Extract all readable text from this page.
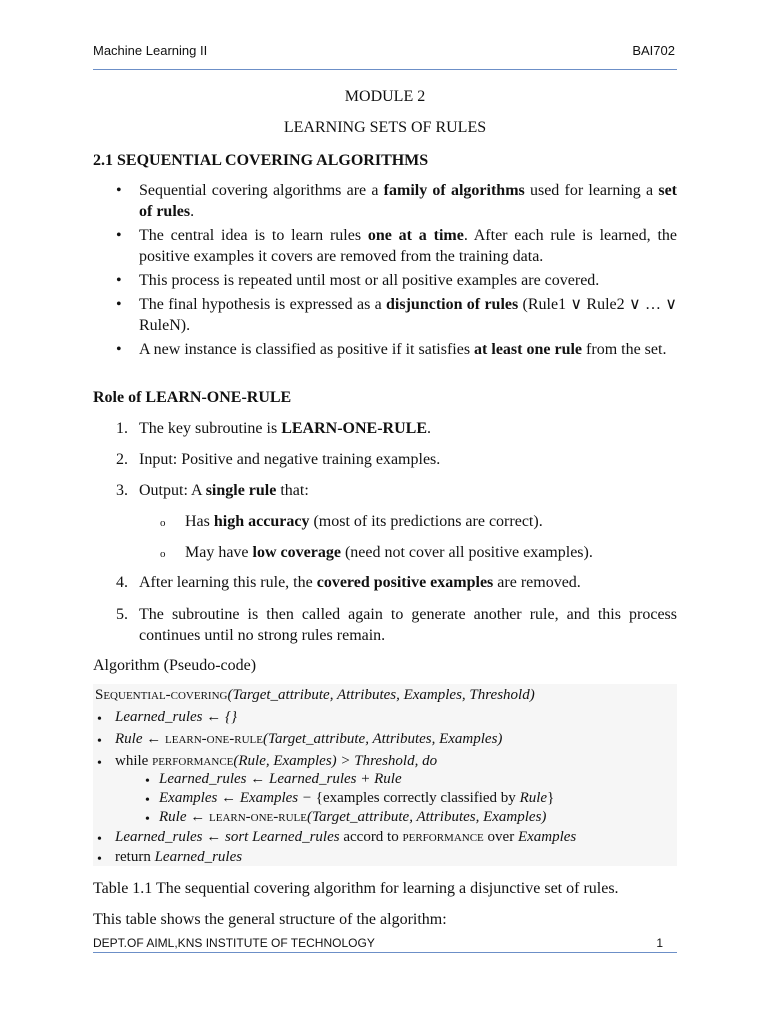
Machine Learning II	BAI702
MODULE 2
LEARNING SETS OF RULES
2.1 SEQUENTIAL COVERING ALGORITHMS
• Sequential covering algorithms are a family of algorithms used for learning a set of rules.
• The central idea is to learn rules one at a time. After each rule is learned, the positive examples it covers are removed from the training data.
• This process is repeated until most or all positive examples are covered.
• The final hypothesis is expressed as a disjunction of rules (Rule1 ∨ Rule2 ∨ … ∨ RuleN).
• A new instance is classified as positive if it satisfies at least one rule from the set.
Role of LEARN-ONE-RULE
1. The key subroutine is LEARN-ONE-RULE.
2. Input: Positive and negative training examples.
3. Output: A single rule that:
o	Has high accuracy (most of its predictions are correct).
o	May have low coverage (need not cover all positive examples).
4. After learning this rule, the covered positive examples are removed.
5. The subroutine is then called again to generate another rule, and this process continues until no strong rules remain.
Algorithm (Pseudo-code)
Sequential-covering(Target_attribute, Attributes, Examples, Threshold)
• Learned_rules ← {}
• Rule ← learn-one-rule(Target_attribute, Attributes, Examples)
• while performance(Rule, Examples) > Threshold, do
• Learned_rules ← Learned_rules + Rule
• Examples ← Examples − {examples correctly classified by Rule}
• Rule ← learn-one-rule(Target_attribute, Attributes, Examples)
• Learned_rules ← sort Learned_rules accord to performance over Examples
• return Learned_rules
Table 1.1 The sequential covering algorithm for learning a disjunctive set of rules.
This table shows the general structure of the algorithm:
DEPT.OF AIML,KNS INSTITUTE OF TECHNOLOGY	1
